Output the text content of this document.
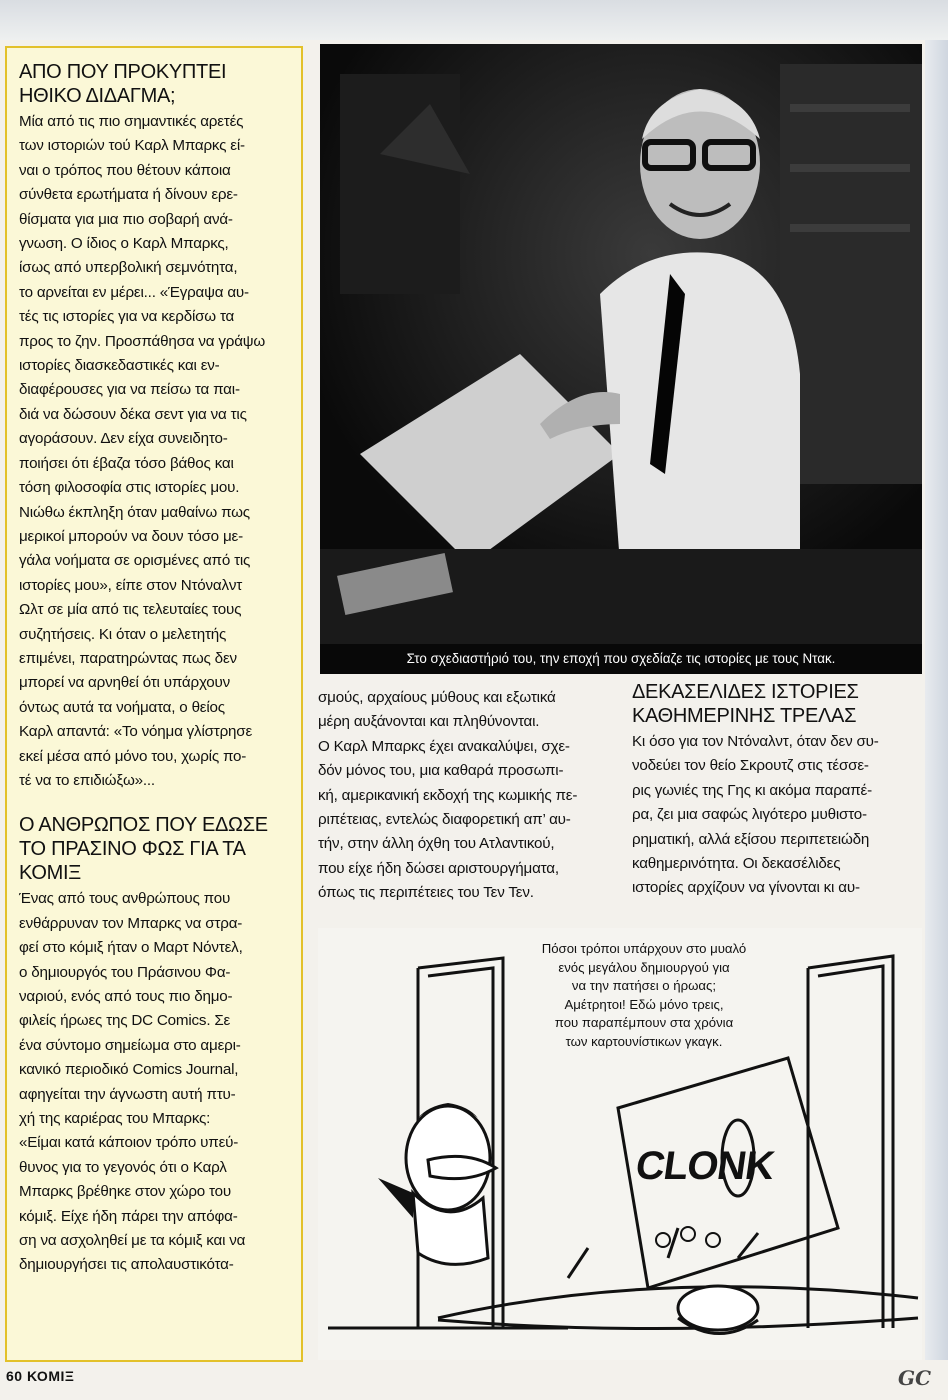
ΑΠΟ ΠΟΥ ΠΡΟΚΥΠΤΕΙ
ΗΘΙΚΟ ΔΙΔΑΓΜΑ;

Μία από τις πιο σημαντικές αρετές
των ιστοριών τού Καρλ Μπαρκς εί-
ναι ο τρόπος που θέτουν κάποια
σύνθετα ερωτήματα ή δίνουν ερε-
θίσματα για μια πιο σοβαρή ανά-
γνωση. Ο ίδιος ο Καρλ Μπαρκς,
ίσως από υπερβολική σεμνότητα,
το αρνείται εν μέρει... «Έγραψα αυ-
τές τις ιστορίες για να κερδίσω τα
προς το ζην. Προσπάθησα να γράψω
ιστορίες διασκεδαστικές και εν-
διαφέρουσες για να πείσω τα παι-
διά να δώσουν δέκα σεντ για να τις
αγοράσουν. Δεν είχα συνειδητο-
ποιήσει ότι έβαζα τόσο βάθος και
τόση φιλοσοφία στις ιστορίες μου.
Νιώθω έκπληξη όταν μαθαίνω πως
μερικοί μπορούν να δουν τόσο με-
γάλα νοήματα σε ορισμένες από τις
ιστορίες μου», είπε στον Ντόναλντ
Ωλτ σε μία από τις τελευταίες τους
συζητήσεις. Κι όταν ο μελετητής
επιμένει, παρατηρώντας πως δεν
μπορεί να αρνηθεί ότι υπάρχουν
όντως αυτά τα νοήματα, ο θείος
Καρλ απαντά: «Το νόημα γλίστρησε
εκεί μέσα από μόνο του, χωρίς πο-
τέ να το επιδιώξω»...

Ο ΑΝΘΡΩΠΟΣ ΠΟΥ ΕΔΩΣΕ
ΤΟ ΠΡΑΣΙΝΟ ΦΩΣ ΓΙΑ ΤΑ ΚΟΜΙΞ

Ένας από τους ανθρώπους που
ενθάρρυναν τον Μπαρκς να στρα-
φεί στο κόμιξ ήταν ο Μαρτ Νόντελ,
ο δημιουργός του Πράσινου Φα-
ναριού, ενός από τους πιο δημο-
φιλείς ήρωες της DC Comics. Σε
ένα σύντομο σημείωμα στο αμερι-
κανικό περιοδικό Comics Journal,
αφηγείται την άγνωστη αυτή πτυ-
χή της καριέρας του Μπαρκς:
«Είμαι κατά κάποιον τρόπο υπεύ-
θυνος για το γεγονός ότι ο Καρλ
Μπαρκς βρέθηκε στον χώρο του
κόμιξ. Είχε ήδη πάρει την απόφα-
ση να ασχοληθεί με τα κόμιξ και να
δημιουργήσει τις απολαυστικότα-

Στο σχεδιαστήριό του, την εποχή που σχεδίαζε τις ιστορίες με τους Ντακ.

σμούς, αρχαίους μύθους και εξωτικά
μέρη αυξάνονται και πληθύνονται.
Ο Καρλ Μπαρκς έχει ανακαλύψει, σχε-
δόν μόνος του, μια καθαρά προσωπι-
κή, αμερικανική εκδοχή της κωμικής πε-
ριπέτειας, εντελώς διαφορετική απ’ αυ-
τήν, στην άλλη όχθη του Ατλαντικού,
που είχε ήδη δώσει αριστουργήματα,
όπως τις περιπέτειες του Τεν Τεν.

ΔΕΚΑΣΕΛΙΔΕΣ ΙΣΤΟΡΙΕΣ
ΚΑΘΗΜΕΡΙΝΗΣ ΤΡΕΛΑΣ

Κι όσο για τον Ντόναλντ, όταν δεν συ-
νοδεύει τον θείο Σκρουτζ στις τέσσε-
ρις γωνιές της Γης κι ακόμα παραπέ-
ρα, ζει μια σαφώς λιγότερο μυθιστο-
ρηματική, αλλά εξίσου περιπετειώδη
καθημερινότητα. Οι δεκασέλιδες
ιστορίες αρχίζουν να γίνονται κι αυ-

Πόσοι τρόποι υπάρχουν στο μυαλό
ενός μεγάλου δημιουργού για
να την πατήσει ο ήρωας;
Αμέτρητοι! Εδώ μόνο τρεις,
που παραπέμπουν στα χρόνια
των καρτουνίστικων γκαγκ.
CLONK
60 ΚΟΜΙΞ	GC
